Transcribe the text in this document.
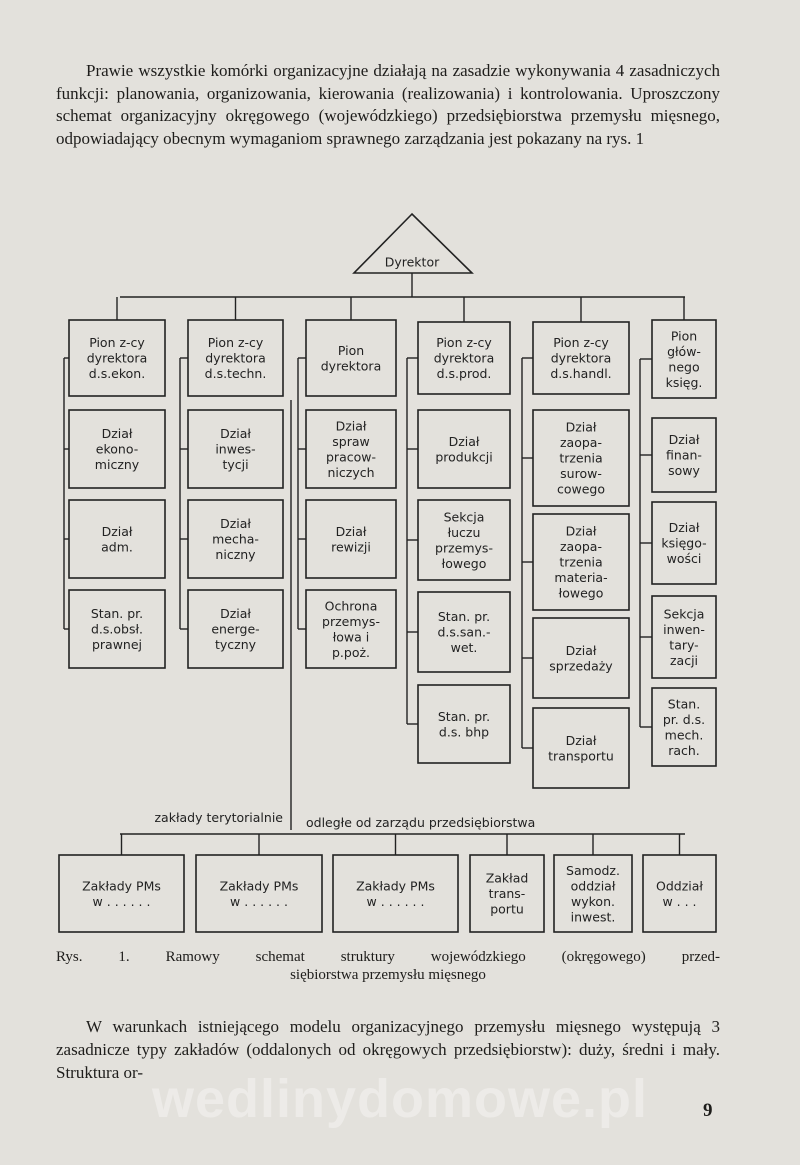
Prawie wszystkie komórki organizacyjne działają na zasadzie wykonywania 4 zasadniczych funkcji: planowania, organizowania, kierowania (realizowania) i kontrolowania. Uproszczony schemat organizacyjny okręgowego (wojewódzkiego) przedsiębiorstwa przemysłu mięsnego, odpowiadający obecnym wymaganiom sprawnego zarządzania jest pokazany na rys. 1

Dyrektor
Pion z-cy dyrektora d.s.ekon.
Dział ekono-miczny
Dział adm.
Stan. pr. d.s.obsł. prawnej
Pion z-cy dyrektora d.s.techn.
Dział inwes-tycji
Dział mecha-niczny
Dział energe-tyczny
Pion dyrektora
Dział spraw pracow-niczych
Dział rewizji
Ochrona przemys-łowa i p.poż.
Pion z-cy dyrektora d.s.prod.
Dział produkcji
Sekcja łuczu przemys-łowego
Stan. pr. d.s.san.-wet.
Stan. pr. d.s. bhp
Pion z-cy dyrektora d.s.handl.
Dział zaopa-trzenia surow-cowego
Dział zaopa-trzenia materia-łowego
Dział sprzedaży
Dział transportu
Pion głów-nego księg.
Dział finan-sowy
Dział księgo-wości
Sekcja inwen-tary-zacji
Stan. pr. d.s. mech. rach.
zakłady terytorialnie odległe od zarządu przedsiębiorstwa
Zakłady PMs w . . . . . .
Zakłady PMs w . . . . . .
Zakłady PMs w . . . . . .
Zakład trans-portu
Samodz. oddział wykon. inwest.
Oddział w . . .
Rys. 1. Ramowy schemat struktury wojewódzkiego (okręgowego) przed-
siębiorstwa przemysłu mięsnego

W warunkach istniejącego modelu organizacyjnego przemysłu mięsnego występują 3 zasadnicze typy zakładów (oddalonych od okręgowych przedsiębiorstw): duży, średni i mały. Struktura or- wedlinydomowe.pl	9
